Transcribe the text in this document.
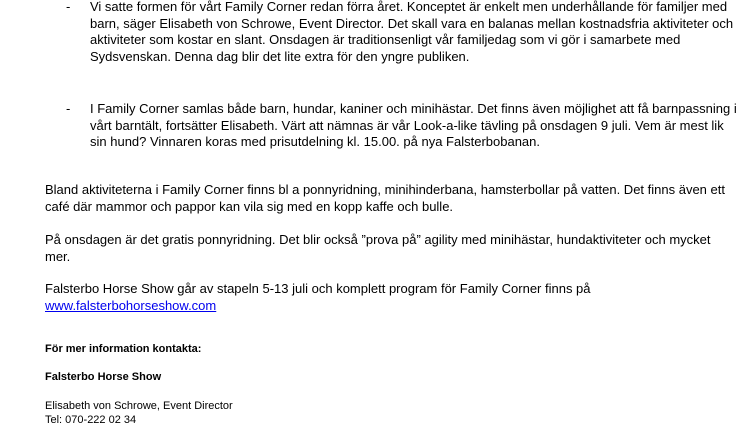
- Vi satte formen för vårt Family Corner redan förra året. Konceptet är enkelt men underhållande för familjer med barn, säger Elisabeth von Schrowe, Event Director. Det skall vara en balanas mellan kostnadsfria aktiviteter och aktiviteter som kostar en slant. Onsdagen är traditionsenligt vår familjedag som vi gör i samarbete med Sydsvenskan. Denna dag blir det lite extra för den yngre publiken.
- I Family Corner samlas både barn, hundar, kaniner och minihästar. Det finns även möjlighet att få barnpassning i vårt barntält, fortsätter Elisabeth. Värt att nämnas är vår Look-a-like tävling på onsdagen 9 juli. Vem är mest lik sin hund? Vinnaren koras med prisutdelning kl. 15.00. på nya Falsterbobanan.
Bland aktiviteterna i Family Corner finns bl a ponnyridning, minihinderbana, hamsterbollar på vatten. Det finns även ett café där mammor och pappor kan vila sig med en kopp kaffe och bulle.
På onsdagen är det gratis ponnyridning. Det blir också ”prova på” agility med minihästar, hundaktiviteter och mycket mer.
Falsterbo Horse Show går av stapeln 5-13 juli och komplett program för Family Corner finns på
www.falsterbohorseshow.com
För mer information kontakta:
Falsterbo Horse Show
Elisabeth von Schrowe, Event Director
Tel: 070-222 02 34
